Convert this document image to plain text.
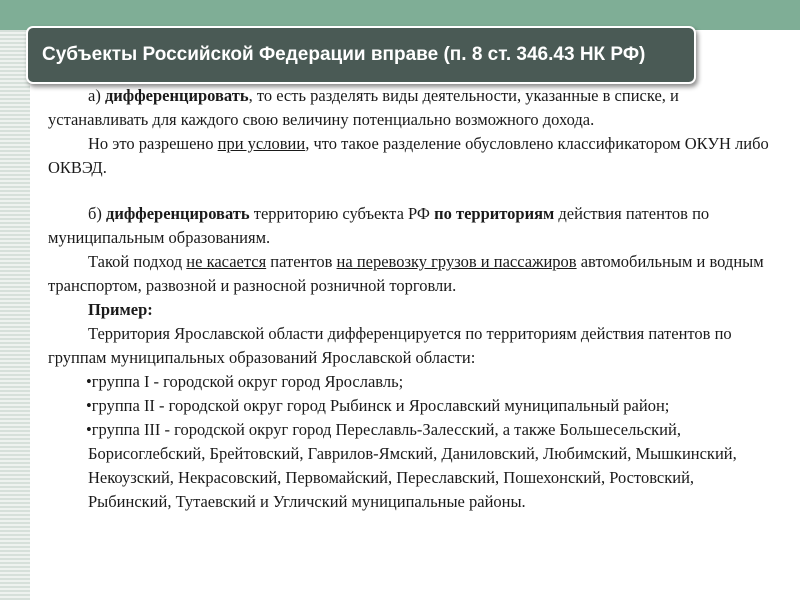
Субъекты Российской Федерации вправе (п. 8 ст. 346.43 НК РФ)

а) дифференцировать, то есть разделять виды деятельности, указанные в списке, и устанавливать для каждого свою величину потенциально возможного дохода.

Но это разрешено при условии, что такое разделение обусловлено классификатором ОКУН либо ОКВЭД.

б) дифференцировать территорию субъекта РФ по территориям действия патентов по муниципальным образованиям.

Такой подход не касается патентов на перевозку грузов и пассажиров автомобильным и водным транспортом, развозной и разносной розничной торговли.

Пример:

Территория Ярославской области дифференцируется по территориям действия патентов по группам муниципальных образований Ярославской области:

•группа I - городской округ город Ярославль;

•группа II - городской округ город Рыбинск и Ярославский муниципальный район;

•группа III - городской округ город Переславль-Залесский, а также Большесельский, Борисоглебский, Брейтовский, Гаврилов-Ямский, Даниловский, Любимский, Мышкинский, Некоузский, Некрасовский, Первомайский, Переславский, Пошехонский, Ростовский, Рыбинский, Тутаевский и Угличский муниципальные районы.
